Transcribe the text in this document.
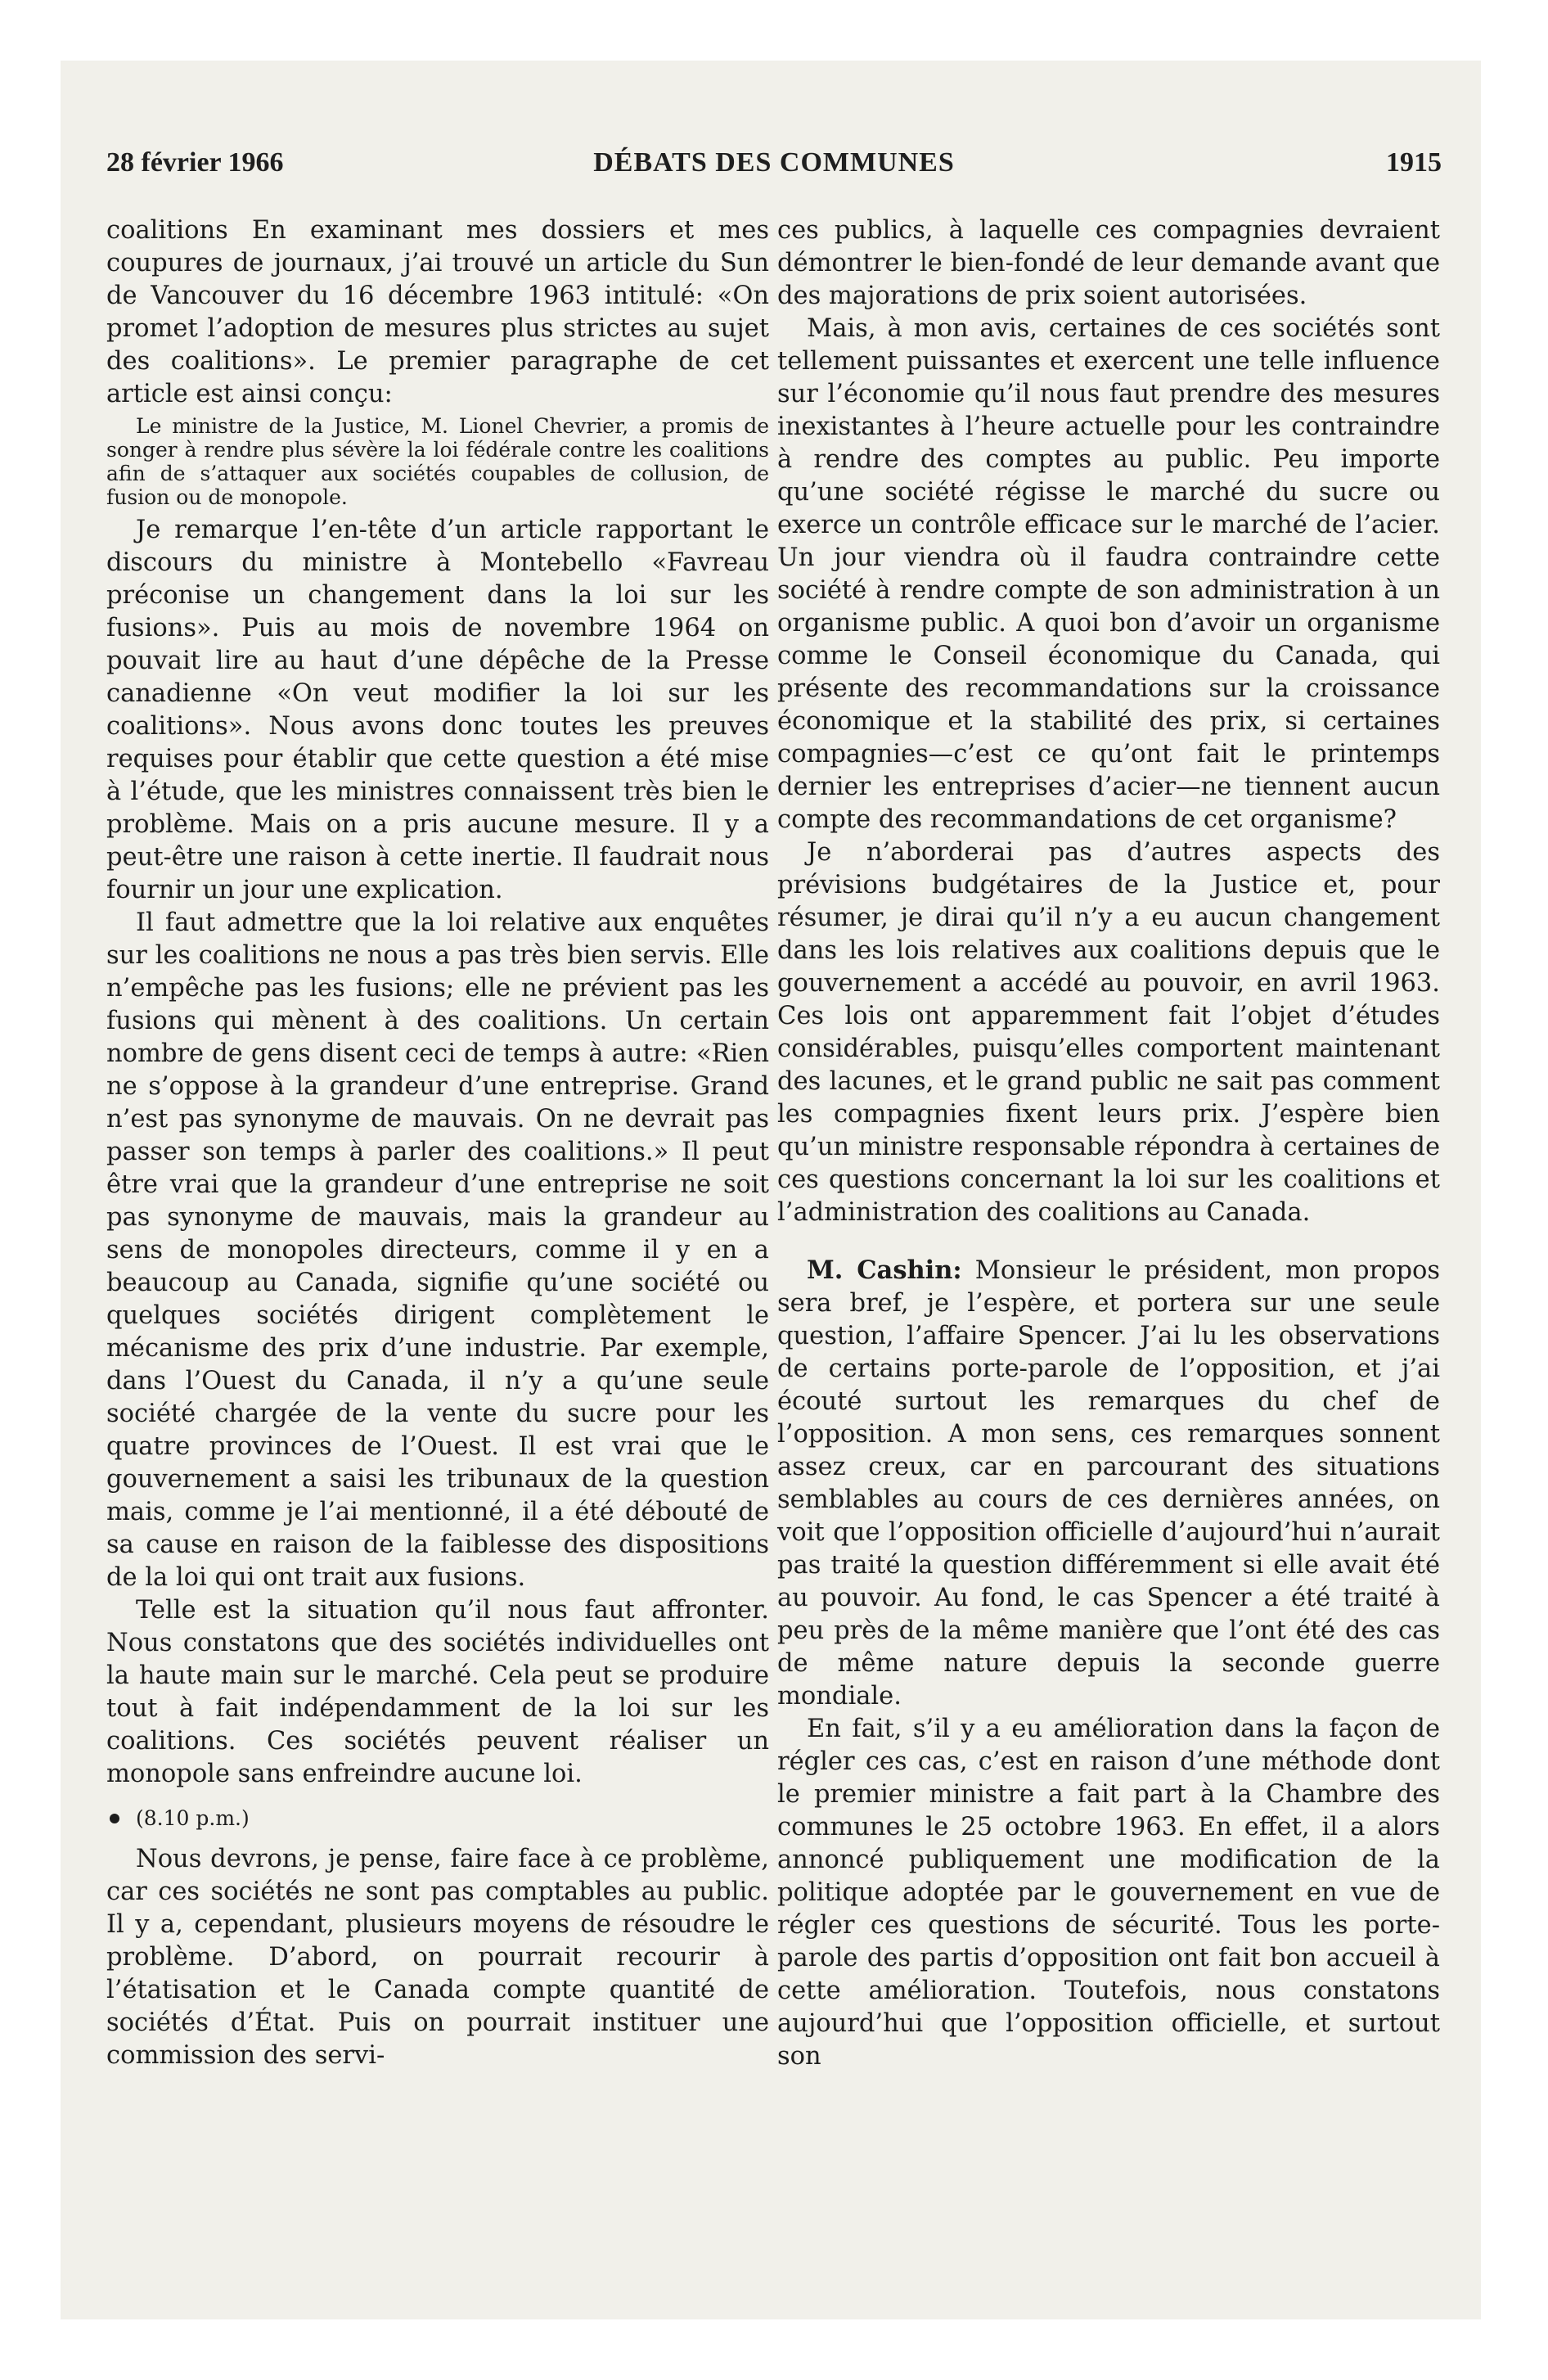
28 février 1966	DÉBATS DES COMMUNES	1915

coalitions En examinant mes dossiers et mes coupures de journaux, j’ai trouvé un article du Sun de Vancouver du 16 décembre 1963 intitulé: «On promet l’adoption de mesures plus strictes au sujet des coalitions». Le premier paragraphe de cet article est ainsi conçu:

Le ministre de la Justice, M. Lionel Chevrier, a promis de songer à rendre plus sévère la loi fédérale contre les coalitions afin de s’attaquer aux sociétés coupables de collusion, de fusion ou de monopole.

Je remarque l’en-tête d’un article rapportant le discours du ministre à Montebello «Favreau préconise un changement dans la loi sur les fusions». Puis au mois de novembre 1964 on pouvait lire au haut d’une dépêche de la Presse canadienne «On veut modifier la loi sur les coalitions». Nous avons donc toutes les preuves requises pour établir que cette question a été mise à l’étude, que les ministres connaissent très bien le problème. Mais on a pris aucune mesure. Il y a peut-être une raison à cette inertie. Il faudrait nous fournir un jour une explication.

Il faut admettre que la loi relative aux enquêtes sur les coalitions ne nous a pas très bien servis. Elle n’empêche pas les fusions; elle ne prévient pas les fusions qui mènent à des coalitions. Un certain nombre de gens disent ceci de temps à autre: «Rien ne s’oppose à la grandeur d’une entreprise. Grand n’est pas synonyme de mauvais. On ne devrait pas passer son temps à parler des coalitions.» Il peut être vrai que la grandeur d’une entreprise ne soit pas synonyme de mauvais, mais la grandeur au sens de monopoles directeurs, comme il y en a beaucoup au Canada, signifie qu’une société ou quelques sociétés dirigent complètement le mécanisme des prix d’une industrie. Par exemple, dans l’Ouest du Canada, il n’y a qu’une seule société chargée de la vente du sucre pour les quatre provinces de l’Ouest. Il est vrai que le gouvernement a saisi les tribunaux de la question mais, comme je l’ai mentionné, il a été débouté de sa cause en raison de la faiblesse des dispositions de la loi qui ont trait aux fusions.

Telle est la situation qu’il nous faut affronter. Nous constatons que des sociétés individuelles ont la haute main sur le marché. Cela peut se produire tout à fait indépendamment de la loi sur les coalitions. Ces sociétés peuvent réaliser un monopole sans enfreindre aucune loi.

(8.10 p.m.)

Nous devrons, je pense, faire face à ce problème, car ces sociétés ne sont pas comptables au public. Il y a, cependant, plusieurs moyens de résoudre le problème. D’abord, on pourrait recourir à l’étatisation et le Canada compte quantité de sociétés d’État. Puis on pourrait instituer une commission des servi-

ces publics, à laquelle ces compagnies devraient démontrer le bien-fondé de leur demande avant que des majorations de prix soient autorisées.

Mais, à mon avis, certaines de ces sociétés sont tellement puissantes et exercent une telle influence sur l’économie qu’il nous faut prendre des mesures inexistantes à l’heure actuelle pour les contraindre à rendre des comptes au public. Peu importe qu’une société régisse le marché du sucre ou exerce un contrôle efficace sur le marché de l’acier. Un jour viendra où il faudra contraindre cette société à rendre compte de son administration à un organisme public. A quoi bon d’avoir un organisme comme le Conseil économique du Canada, qui présente des recommandations sur la croissance économique et la stabilité des prix, si certaines compagnies—c’est ce qu’ont fait le printemps dernier les entreprises d’acier—ne tiennent aucun compte des recommandations de cet organisme?

Je n’aborderai pas d’autres aspects des prévisions budgétaires de la Justice et, pour résumer, je dirai qu’il n’y a eu aucun changement dans les lois relatives aux coalitions depuis que le gouvernement a accédé au pouvoir, en avril 1963. Ces lois ont apparemment fait l’objet d’études considérables, puisqu’elles comportent maintenant des lacunes, et le grand public ne sait pas comment les compagnies fixent leurs prix. J’espère bien qu’un ministre responsable répondra à certaines de ces questions concernant la loi sur les coalitions et l’administration des coalitions au Canada.

M. Cashin: Monsieur le président, mon propos sera bref, je l’espère, et portera sur une seule question, l’affaire Spencer. J’ai lu les observations de certains porte-parole de l’opposition, et j’ai écouté surtout les remarques du chef de l’opposition. A mon sens, ces remarques sonnent assez creux, car en parcourant des situations semblables au cours de ces dernières années, on voit que l’opposition officielle d’aujourd’hui n’aurait pas traité la question différemment si elle avait été au pouvoir. Au fond, le cas Spencer a été traité à peu près de la même manière que l’ont été des cas de même nature depuis la seconde guerre mondiale.

En fait, s’il y a eu amélioration dans la façon de régler ces cas, c’est en raison d’une méthode dont le premier ministre a fait part à la Chambre des communes le 25 octobre 1963. En effet, il a alors annoncé publiquement une modification de la politique adoptée par le gouvernement en vue de régler ces questions de sécurité. Tous les porte-parole des partis d’opposition ont fait bon accueil à cette amélioration. Toutefois, nous constatons aujourd’hui que l’opposition officielle, et surtout son
